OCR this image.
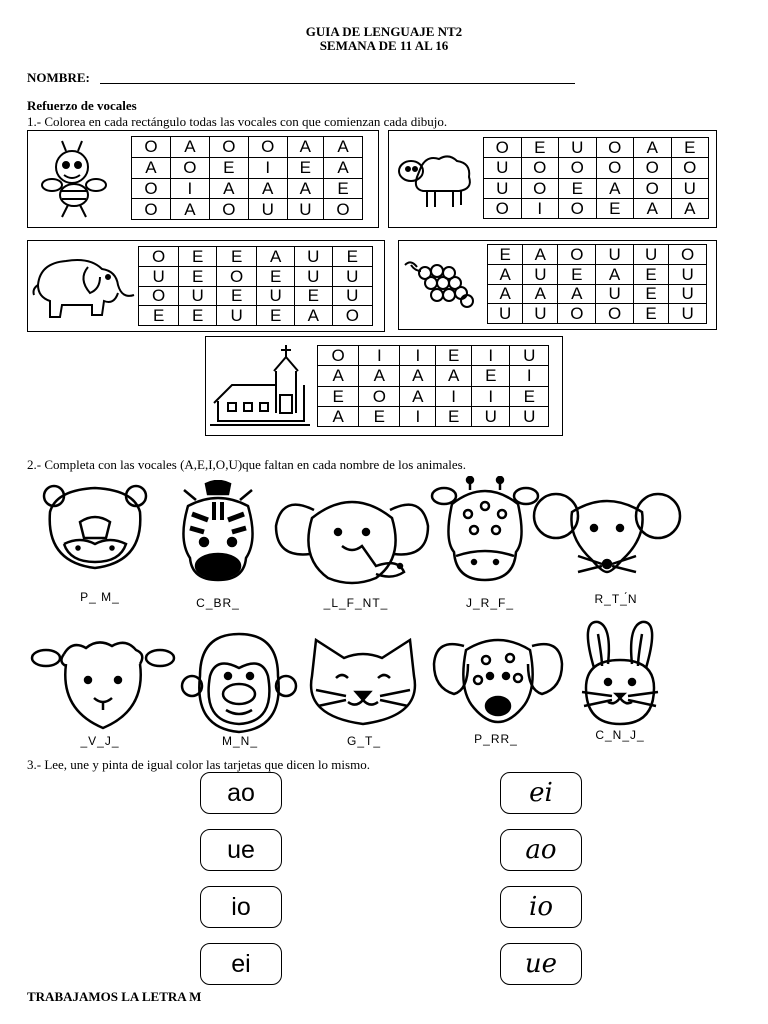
GUIA DE LENGUAJE NT2
SEMANA DE 11 AL 16
NOMBRE:
Refuerzo de vocales
1.- Colorea en cada rectángulo todas las vocales con que comienzan cada dibujo.
O	A	O	O	A	A
A	O	E	I	E	A
O	I	A	A	A	E
O	A	O	U	U	O
O	E	U	O	A	E
U	O	O	O	O	O
U	O	E	A	O	U
O	I	O	E	A	A
O	E	E	A	U	E
U	E	O	E	U	U
O	U	E	U	E	U
E	E	U	E	A	O
E	A	O	U	U	O
A	U	E	A	E	U
A	A	A	U	E	U
U	U	O	O	E	U
O	I	I	E	I	U
A	A	A	A	E	I
E	O	A	I	I	E
A	E	I	E	U	U
2.- Completa con las vocales (A,E,I,O,U)que faltan en cada nombre de los animales.
P_ M_	C_BR_	_L_F_NT_	J_R_F_	R_T_́N
_V_J_	M_N_	G_T_	P_RR_	C_N_J_
3.- Lee, une y pinta de igual color las tarjetas que dicen lo mismo.
ao
ue
io
ei
ei
ao
io
ue
TRABAJAMOS LA LETRA M
